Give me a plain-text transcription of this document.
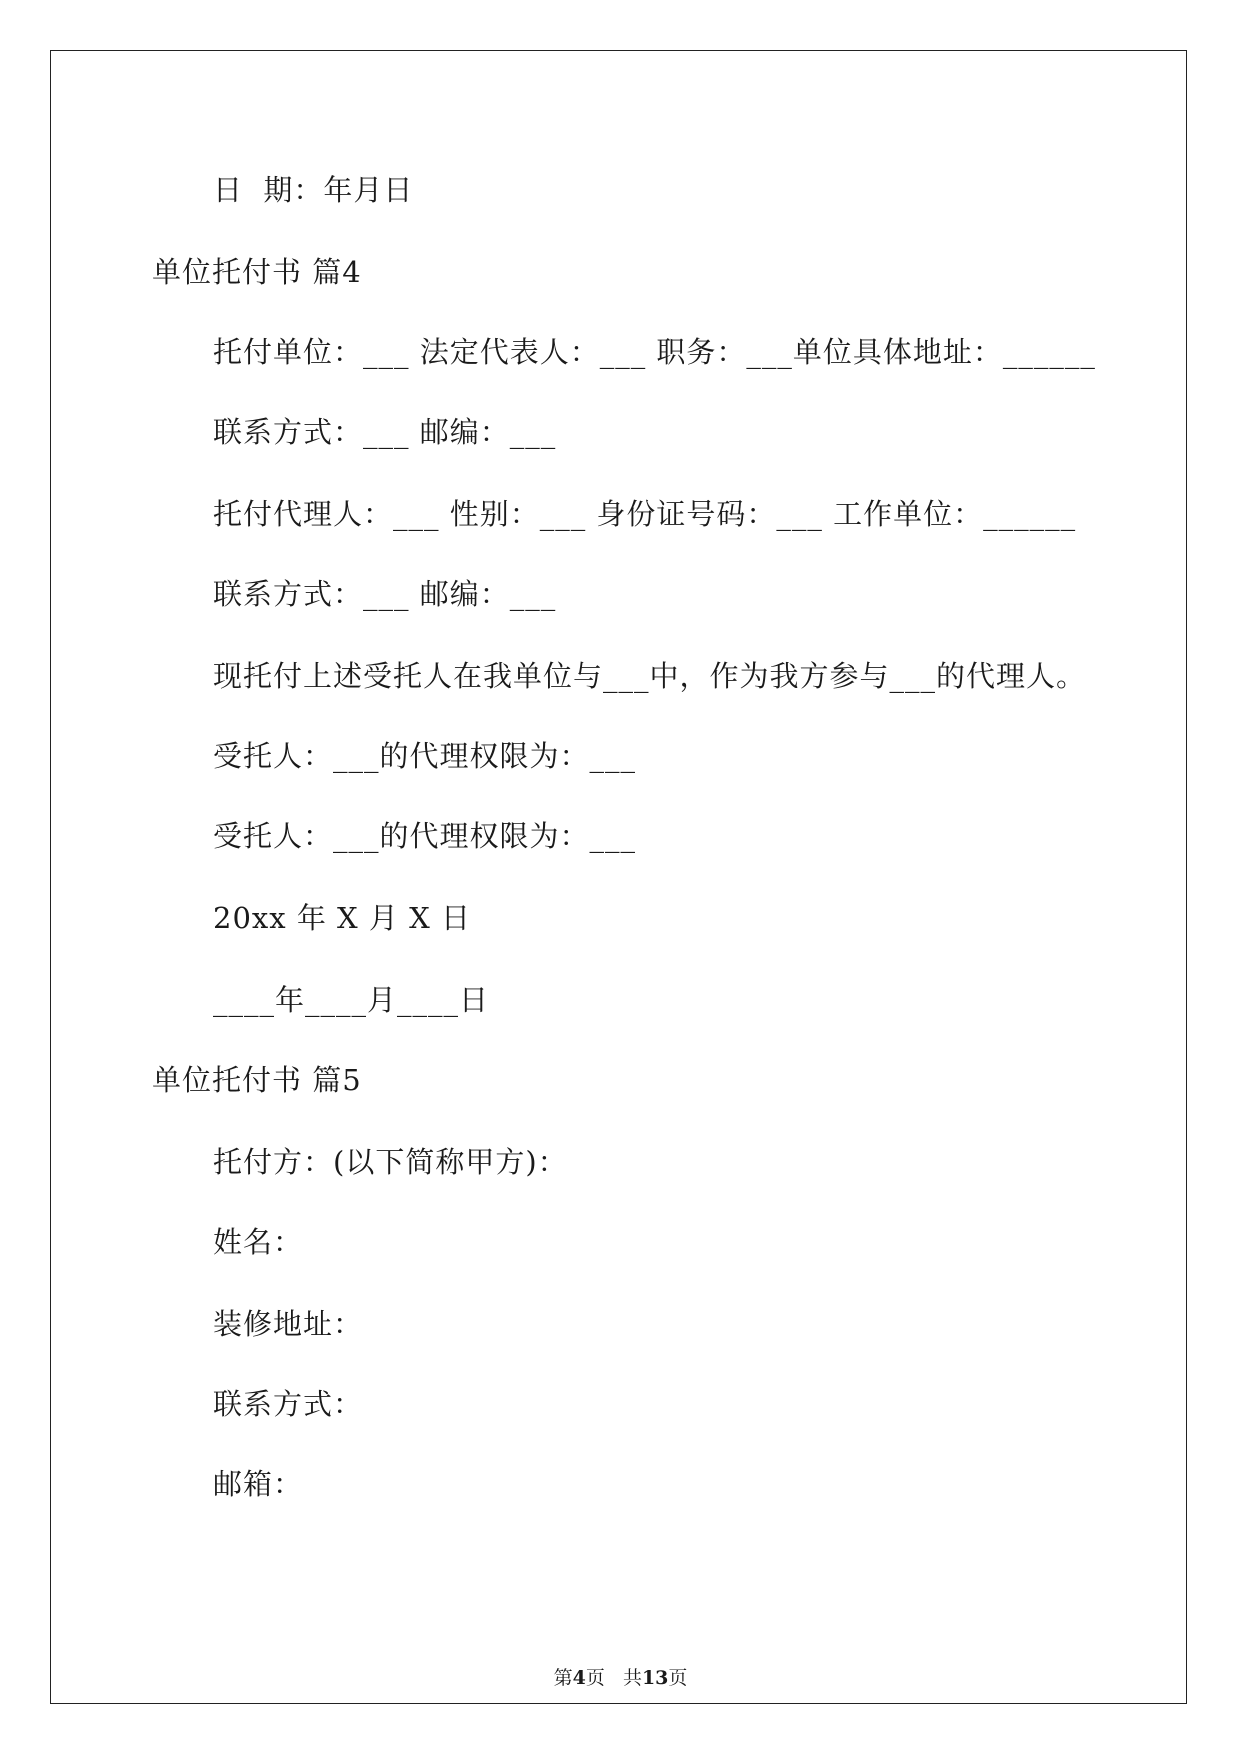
日  期：年月日
单位托付书 篇4
托付单位：___ 法定代表人：___ 职务：___单位具体地址：______
联系方式：___ 邮编：___
托付代理人：___ 性别：___ 身份证号码：___ 工作单位：______
联系方式：___ 邮编：___
现托付上述受托人在我单位与___中，作为我方参与___的代理人。
受托人：___的代理权限为：___
受托人：___的代理权限为：___
20xx 年 X 月 X 日
____年____月____日
单位托付书 篇5
托付方：(以下简称甲方)：
姓名：
装修地址：
联系方式：
邮箱：
第4页   共13页
